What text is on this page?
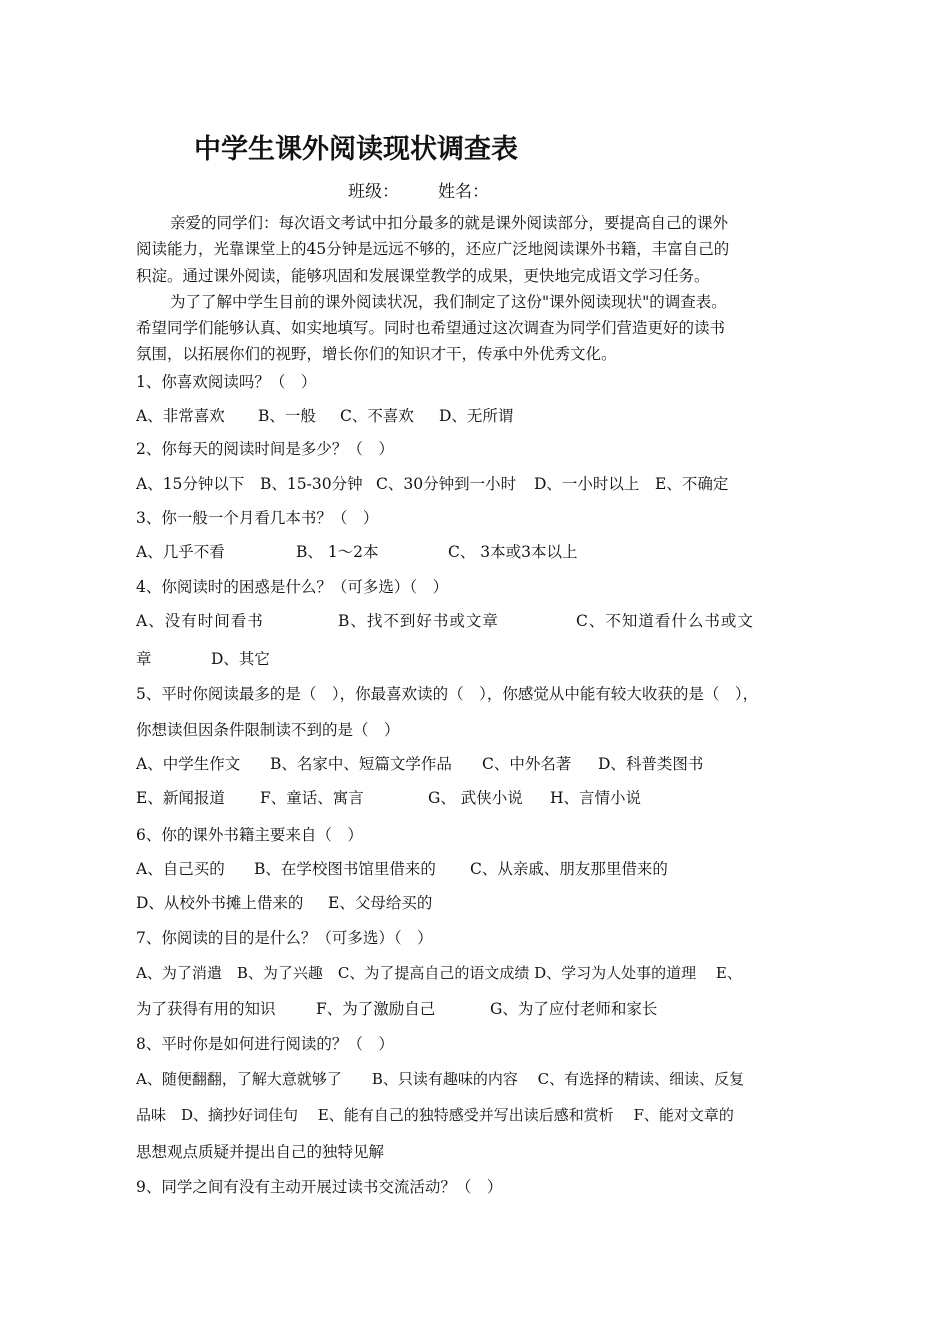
中学生课外阅读现状调查表
班级： 姓名：
亲爱的同学们：每次语文考试中扣分最多的就是课外阅读部分，要提高自己的课外
阅读能力，光靠课堂上的45分钟是远远不够的，还应广泛地阅读课外书籍，丰富自己的
积淀。通过课外阅读，能够巩固和发展课堂教学的成果，更快地完成语文学习任务。
为了了解中学生目前的课外阅读状况，我们制定了这份"课外阅读现状"的调查表。
希望同学们能够认真、如实地填写。同时也希望通过这次调查为同学们营造更好的读书
氛围，以拓展你们的视野，增长你们的知识才干，传承中外优秀文化。
1、你喜欢阅读吗？（　）
A、非常喜欢 B、一般 C、不喜欢 D、无所谓
2、你每天的阅读时间是多少？（　）
A、15分钟以下 B、15-30分钟 C、30分钟到一小时 D、一小时以上 E、不确定
3、你一般一个月看几本书？（　）
A、几乎不看	B、 1～2本	C、 3本或3本以上
4、你阅读时的困惑是什么？（可多选）（　）
A、没有时间看书	B、找不到好书或文章	C、不知道看什么书或文
章	D、其它
5、平时你阅读最多的是（　），你最喜欢读的（　），你感觉从中能有较大收获的是（　），
你想读但因条件限制读不到的是（　）
A、中学生作文 B、名家中、短篇文学作品 C、中外名著 D、科普类图书
E、新闻报道 F、童话、寓言	G、 武侠小说 H、言情小说
6、你的课外书籍主要来自（　）
A、自己买的 B、在学校图书馆里借来的 C、从亲戚、朋友那里借来的
D、从校外书摊上借来的 E、父母给买的
7、你阅读的目的是什么？（可多选）（　）
A、为了消遣　B、为了兴趣　C、为了提高自己的语文成绩 D、学习为人处事的道理　 E、
为了获得有用的知识	F、为了激励自己	G、为了应付老师和家长
8、平时你是如何进行阅读的？（　）
A、随便翻翻，了解大意就够了　　B、只读有趣味的内容　 C、有选择的精读、细读、反复
品味　D、摘抄好词佳句　 E、能有自己的独特感受并写出读后感和赏析　 F、能对文章的
思想观点质疑并提出自己的独特见解
9、同学之间有没有主动开展过读书交流活动？（　）
